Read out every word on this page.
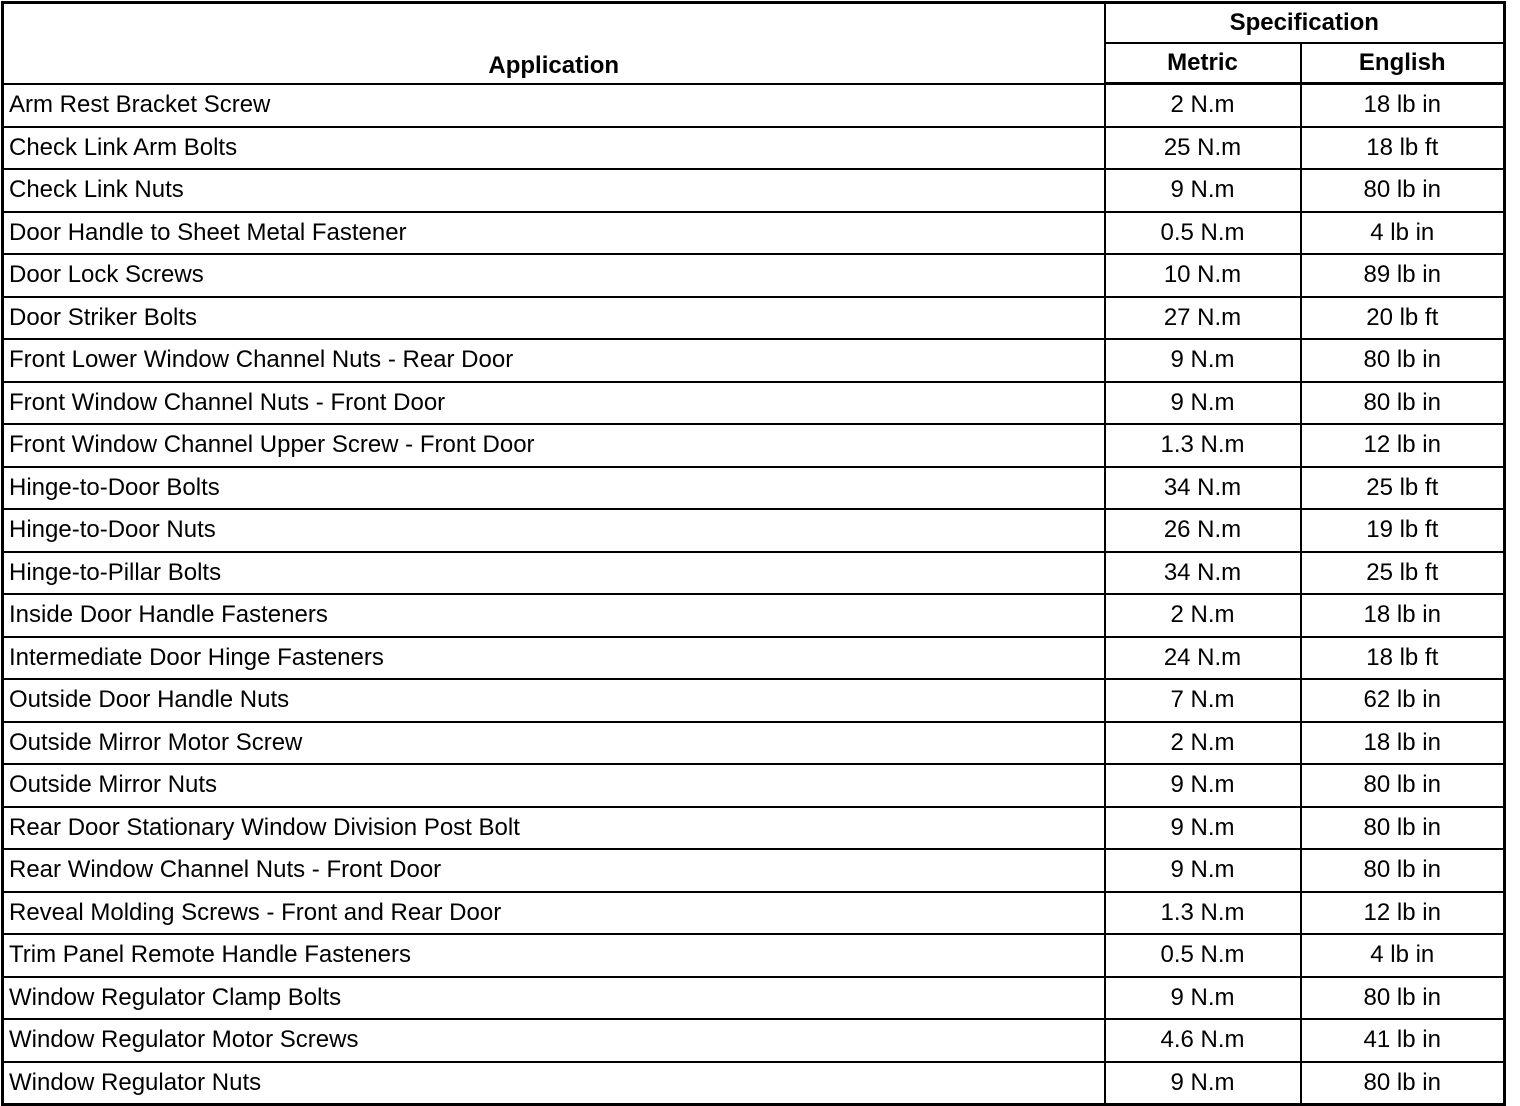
Application	Specification	
	Metric	English
Arm Rest Bracket Screw	2 N.m	18 lb in
Check Link Arm Bolts	25 N.m	18 lb ft
Check Link Nuts	9 N.m	80 lb in
Door Handle to Sheet Metal Fastener	0.5 N.m	4 lb in
Door Lock Screws	10 N.m	89 lb in
Door Striker Bolts	27 N.m	20 lb ft
Front Lower Window Channel Nuts - Rear Door	9 N.m	80 lb in
Front Window Channel Nuts - Front Door	9 N.m	80 lb in
Front Window Channel Upper Screw - Front Door	1.3 N.m	12 lb in
Hinge-to-Door Bolts	34 N.m	25 lb ft
Hinge-to-Door Nuts	26 N.m	19 lb ft
Hinge-to-Pillar Bolts	34 N.m	25 lb ft
Inside Door Handle Fasteners	2 N.m	18 lb in
Intermediate Door Hinge Fasteners	24 N.m	18 lb ft
Outside Door Handle Nuts	7 N.m	62 lb in
Outside Mirror Motor Screw	2 N.m	18 lb in
Outside Mirror Nuts	9 N.m	80 lb in
Rear Door Stationary Window Division Post Bolt	9 N.m	80 lb in
Rear Window Channel Nuts - Front Door	9 N.m	80 lb in
Reveal Molding Screws - Front and Rear Door	1.3 N.m	12 lb in
Trim Panel Remote Handle Fasteners	0.5 N.m	4 lb in
Window Regulator Clamp Bolts	9 N.m	80 lb in
Window Regulator Motor Screws	4.6 N.m	41 lb in
Window Regulator Nuts	9 N.m	80 lb in
